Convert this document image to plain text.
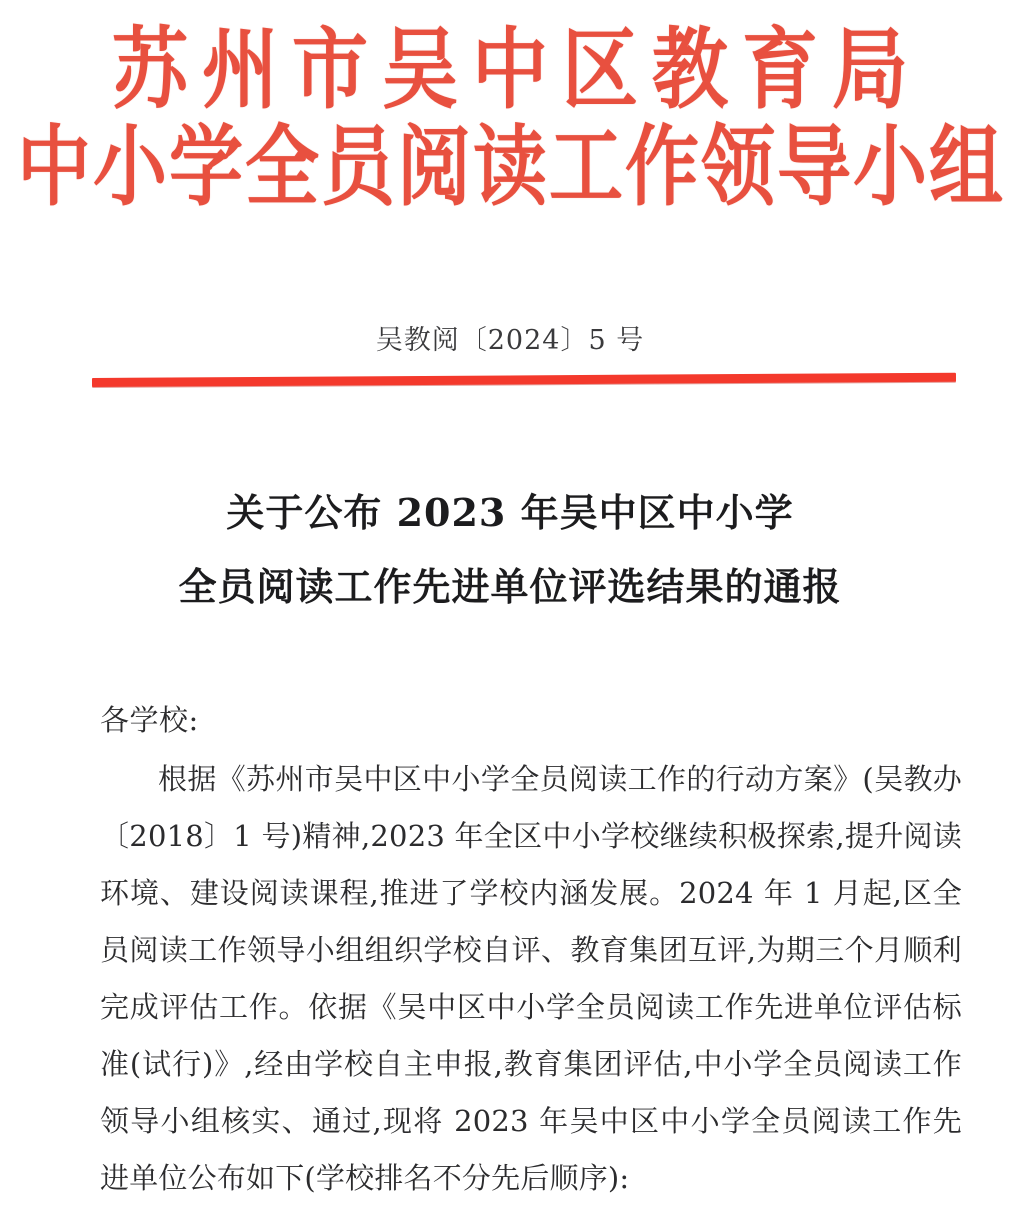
苏州市吴中区教育局
中小学全员阅读工作领导小组
吴教阅〔2024〕5 号
关于公布 2023 年吴中区中小学
全员阅读工作先进单位评选结果的通报

各学校:

根据《苏州市吴中区中小学全员阅读工作的行动方案》(吴教办〔2018〕1 号)精神,2023 年全区中小学校继续积极探索,提升阅读环境、建设阅读课程,推进了学校内涵发展。2024 年 1 月起,区全员阅读工作领导小组组织学校自评、教育集团互评,为期三个月顺利完成评估工作。依据《吴中区中小学全员阅读工作先进单位评估标准(试行)》,经由学校自主申报,教育集团评估,中小学全员阅读工作领导小组核实、通过,现将 2023 年吴中区中小学全员阅读工作先进单位公布如下(学校排名不分先后顺序):
